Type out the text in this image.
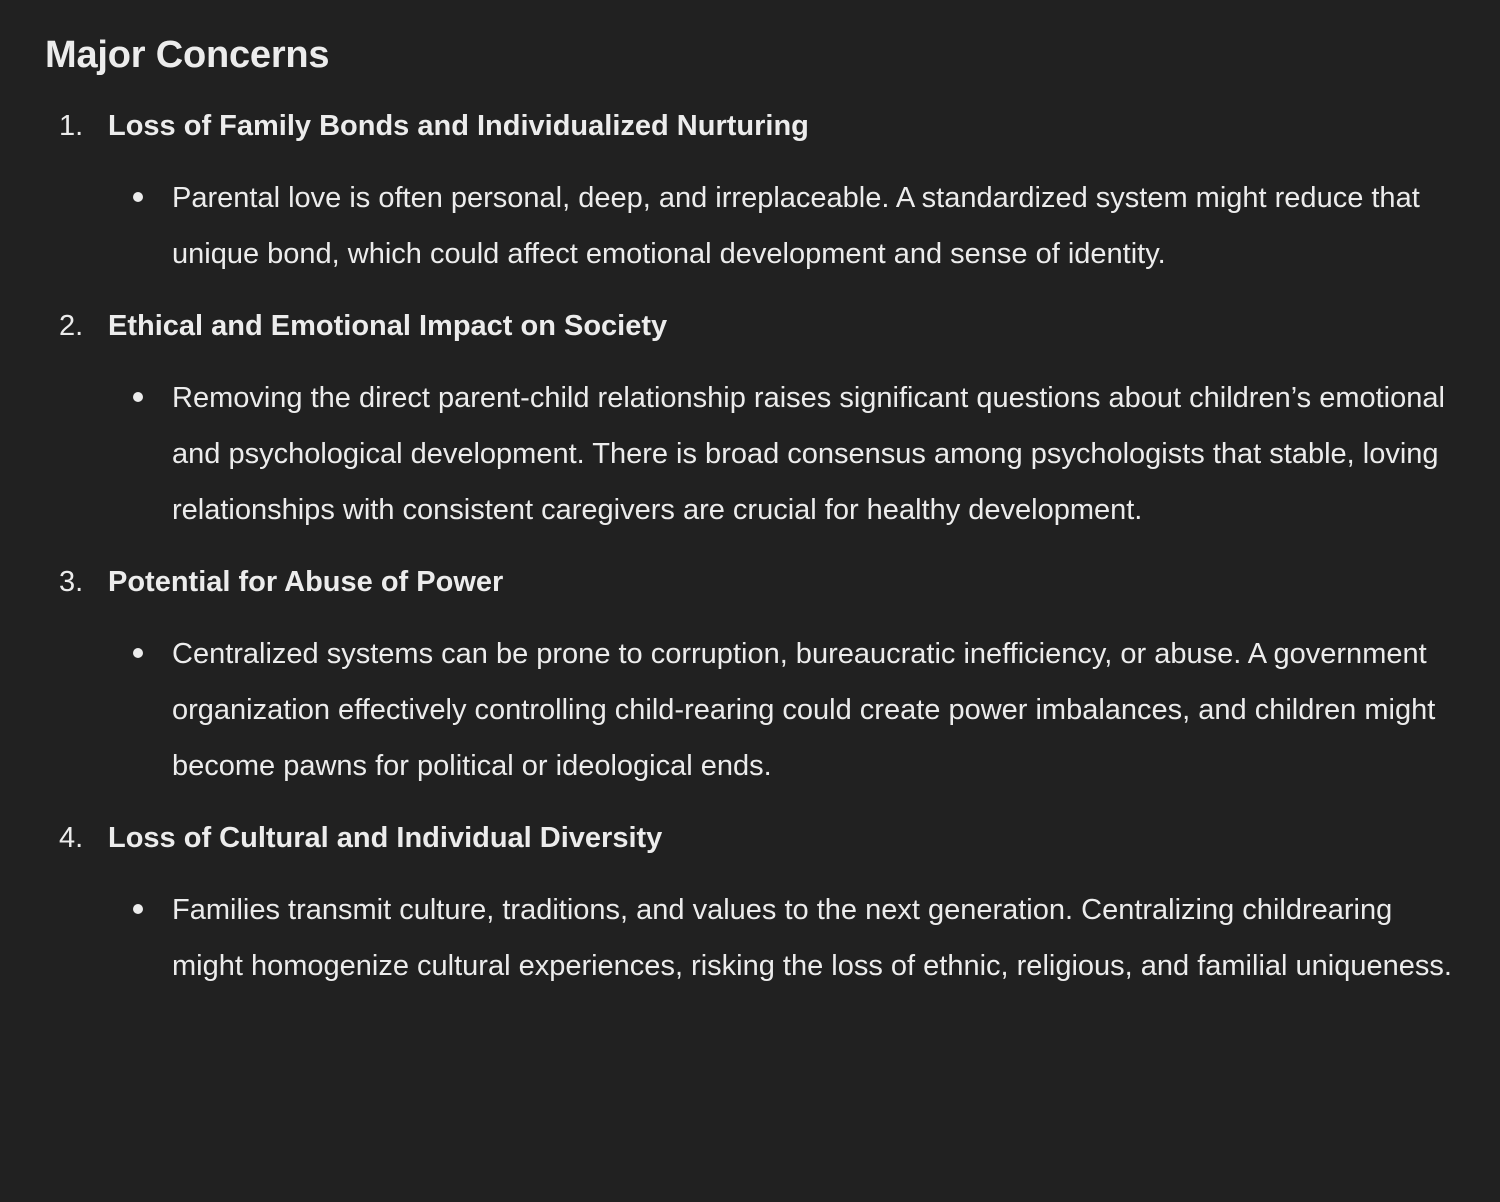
Major Concerns
1. Loss of Family Bonds and Individualized Nurturing
Parental love is often personal, deep, and irreplaceable. A standardized system might reduce that unique bond, which could affect emotional development and sense of identity.
2. Ethical and Emotional Impact on Society
Removing the direct parent-child relationship raises significant questions about children’s emotional and psychological development. There is broad consensus among psychologists that stable, loving relationships with consistent caregivers are crucial for healthy development.
3. Potential for Abuse of Power
Centralized systems can be prone to corruption, bureaucratic inefficiency, or abuse. A government organization effectively controlling child-rearing could create power imbalances, and children might become pawns for political or ideological ends.
4. Loss of Cultural and Individual Diversity
Families transmit culture, traditions, and values to the next generation. Centralizing childrearing might homogenize cultural experiences, risking the loss of ethnic, religious, and familial uniqueness.
